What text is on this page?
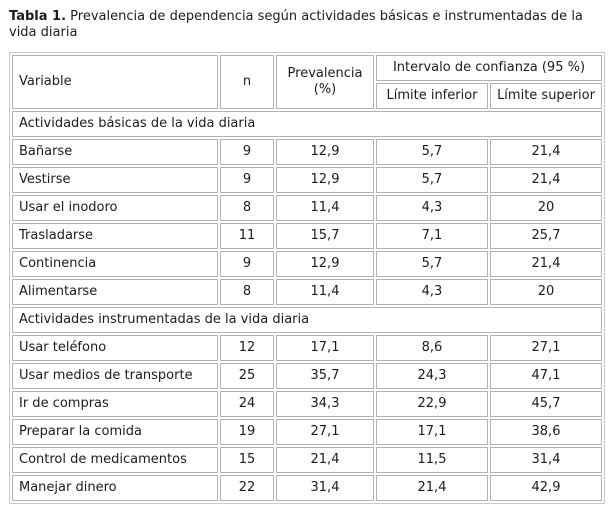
Tabla 1. Prevalencia de dependencia según actividades básicas e instrumentadas de la vida diaria

Variable	n	Prevalencia (%)	Intervalo de confianza (95 %)	
			Límite inferior	Límite superior
Actividades básicas de la vida diaria				
Bañarse	9	12,9	5,7	21,4
Vestirse	9	12,9	5,7	21,4
Usar el inodoro	8	11,4	4,3	20
Trasladarse	11	15,7	7,1	25,7
Continencia	9	12,9	5,7	21,4
Alimentarse	8	11,4	4,3	20
Actividades instrumentadas de la vida diaria				
Usar teléfono	12	17,1	8,6	27,1
Usar medios de transporte	25	35,7	24,3	47,1
Ir de compras	24	34,3	22,9	45,7
Preparar la comida	19	27,1	17,1	38,6
Control de medicamentos	15	21,4	11,5	31,4
Manejar dinero	22	31,4	21,4	42,9
